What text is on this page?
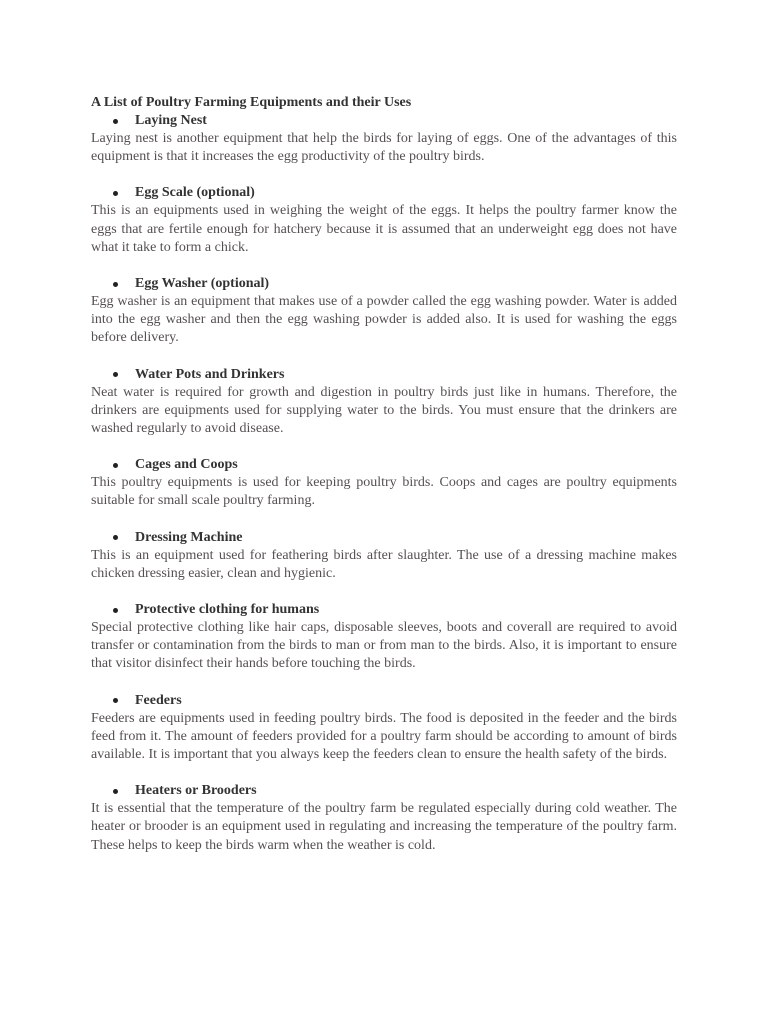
A List of Poultry Farming Equipments and their Uses
Laying Nest

Laying nest is another equipment that help the birds for laying of eggs. One of the advantages of this equipment is that it increases the egg productivity of the poultry birds.

Egg Scale (optional)

This is an equipments used in weighing the weight of the eggs. It helps the poultry farmer know the eggs that are fertile enough for hatchery because it is assumed that an underweight egg does not have what it take to form a chick.

Egg Washer (optional)

Egg washer is an equipment that makes use of a powder called the egg washing powder. Water is added into the egg washer and then the egg washing powder is added also. It is used for washing the eggs before delivery.

Water Pots and Drinkers

Neat water is required for growth and digestion in poultry birds just like in humans. Therefore, the drinkers are equipments used for supplying water to the birds. You must ensure that the drinkers are washed regularly to avoid disease.

Cages and Coops

This poultry equipments is used for keeping poultry birds. Coops and cages are poultry equipments suitable for small scale poultry farming.

Dressing Machine

This is an equipment used for feathering birds after slaughter. The use of a dressing machine makes chicken dressing easier, clean and hygienic.

Protective clothing for humans

Special protective clothing like hair caps, disposable sleeves, boots and coverall are required to avoid transfer or contamination from the birds to man or from man to the birds. Also, it is important to ensure that visitor disinfect their hands before touching the birds.

Feeders

Feeders are equipments used in feeding poultry birds. The food is deposited in the feeder and the birds feed from it. The amount of feeders provided for a poultry farm should be according to amount of birds available. It is important that you always keep the feeders clean to ensure the health safety of the birds.

Heaters or Brooders

It is essential that the temperature of the poultry farm be regulated especially during cold weather. The heater or brooder is an equipment used in regulating and increasing the temperature of the poultry farm. These helps to keep the birds warm when the weather is cold.
